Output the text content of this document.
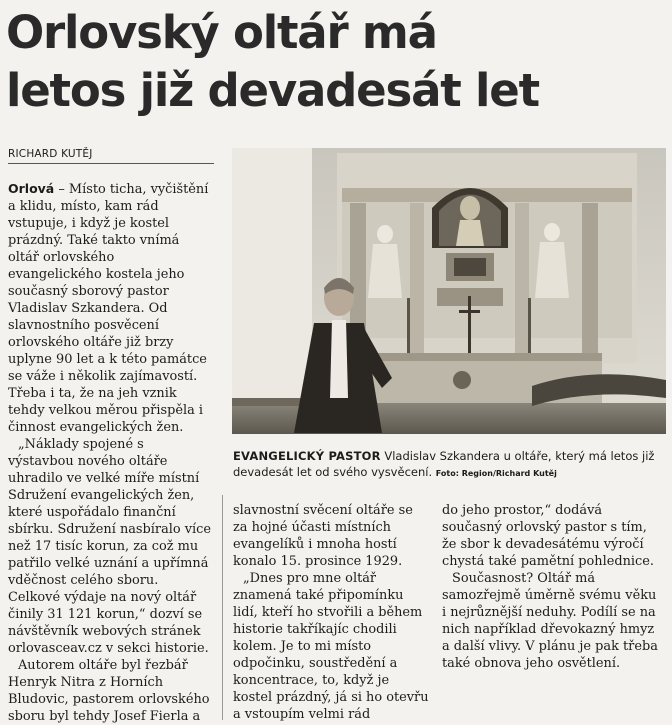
Orlovský oltář má
letos již devadesát let
RICHARD KUTĚJ

Orlová – Místo ticha, vyčištění a klidu, místo, kam rád vstupuje, i když je kostel prázdný. Také takto vnímá oltář orlovského evangelického kostela jeho současný sborový pastor Vladislav Szkandera. Od slavnostního posvěcení orlovského oltáře již brzy uplyne 90 let a k této památce se váže i několik zajímavostí. Třeba i ta, že na jeh vznik tehdy velkou měrou přispěla i činnost evangelických žen.

„Náklady spojené s výstavbou nového oltáře uhradilo ve velké míře místní Sdružení evangelických žen, které uspořádalo finanční sbírku. Sdružení nasbíralo více než 17 tisíc korun, za což mu patřilo velké uznání a upřímná vděčnost celého sboru. Celkové výdaje na nový oltář činily 31 121 korun,“ dozví se návštěvník webových stránek orlovasceav.cz v sekci historie.

Autorem oltáře byl řezbář Henryk Nitra z Horních Bludovic, pastorem orlovského sboru byl tehdy Josef Fierla a

EVANGELICKÝ PASTOR Vladislav Szkandera u oltáře, který má letos již devadesát let od svého vysvěcení. Foto: Region/Richard Kutěj

slavnostní svěcení oltáře se za hojné účasti místních evangelíků i mnoha hostí konalo 15. prosince 1929.

„Dnes pro mne oltář znamená také připomínku lidí, kteří ho stvořili a během historie takříkajíc chodili kolem. Je to mi místo odpočinku, soustředění a koncentrace, to, když je kostel prázdný, já si ho otevřu a vstoupím velmi rád

do jeho prostor,“ dodává současný orlovský pastor s tím, že sbor k devadesátému výročí chystá také pamětní pohlednice.

Současnost? Oltář má samozřejmě úměrně svému věku i nejrůznější neduhy. Podílí se na nich například dřevokazný hmyz a další vlivy. V plánu je pak třeba také obnova jeho osvětlení.
